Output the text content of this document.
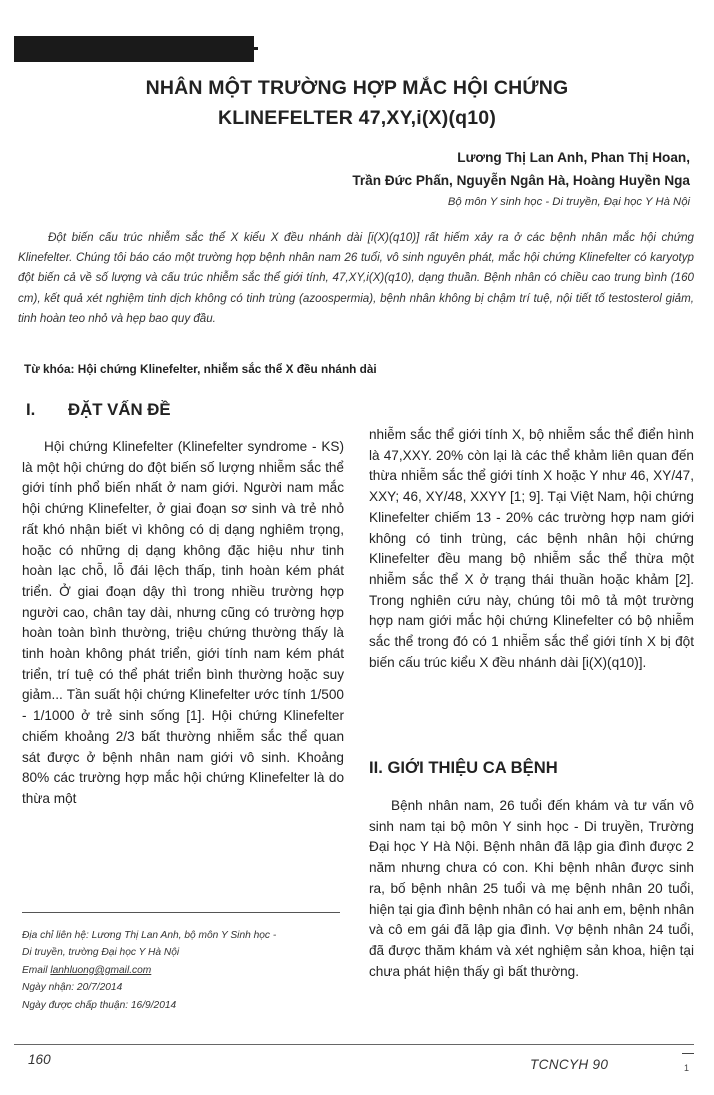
NHÂN MỘT TRƯỜNG HỢP MẮC HỘI CHỨNG
KLINEFELTER 47,XY,i(X)(q10)
Lương Thị Lan Anh, Phan Thị Hoan,
Trần Đức Phấn, Nguyễn Ngân Hà, Hoàng Huyền Nga
Bộ môn Y sinh học - Di truyền, Đại học Y Hà Nội

Đột biến cấu trúc nhiễm sắc thể X kiểu X đều nhánh dài [i(X)(q10)] rất hiếm xảy ra ở các bệnh nhân mắc hội chứng Klinefelter. Chúng tôi báo cáo một trường hợp bệnh nhân nam 26 tuổi, vô sinh nguyên phát, mắc hội chứng Klinefelter có karyotyp đột biến cả về số lượng và cấu trúc nhiễm sắc thể giới tính, 47,XY,i(X)(q10), dạng thuần. Bệnh nhân có chiều cao trung bình (160 cm), kết quả xét nghiệm tinh dịch không có tinh trùng (azoospermia), bệnh nhân không bị chậm trí tuệ, nội tiết tố testosterol giảm, tinh hoàn teo nhỏ và hẹp bao quy đầu.

Từ khóa: Hội chứng Klinefelter, nhiễm sắc thể X đều nhánh dài
I. ĐẶT VẤN ĐỀ

Hội chứng Klinefelter (Klinefelter syndrome - KS) là một hội chứng do đột biến số lượng nhiễm sắc thể giới tính phổ biến nhất ở nam giới. Người nam mắc hội chứng Klinefelter, ở giai đoạn sơ sinh và trẻ nhỏ rất khó nhận biết vì không có dị dạng nghiêm trọng, hoặc có những dị dạng không đặc hiệu như tinh hoàn lạc chỗ, lỗ đái lệch thấp, tinh hoàn kém phát triển. Ở giai đoạn dậy thì trong nhiều trường hợp người cao, chân tay dài, nhưng cũng có trường hợp hoàn toàn bình thường, triệu chứng thường thấy là tinh hoàn không phát triển, giới tính nam kém phát triển, trí tuệ có thể phát triển bình thường hoặc suy giảm... Tần suất hội chứng Klinefelter ước tính 1/500 - 1/1000 ở trẻ sinh sống [1]. Hội chứng Klinefelter chiếm khoảng 2/3 bất thường nhiễm sắc thể quan sát được ở bệnh nhân nam giới vô sinh. Khoảng 80% các trường hợp mắc hội chứng Klinefelter là do thừa một

nhiễm sắc thể giới tính X, bộ nhiễm sắc thể điển hình là 47,XXY. 20% còn lại là các thể khảm liên quan đến thừa nhiễm sắc thể giới tính X hoặc Y như 46, XY/47, XXY; 46, XY/48, XXYY [1; 9]. Tại Việt Nam, hội chứng Klinefelter chiếm 13 - 20% các trường hợp nam giới không có tinh trùng, các bệnh nhân hội chứng Klinefelter đều mang bộ nhiễm sắc thể thừa một nhiễm sắc thể X ở trạng thái thuần hoặc khảm [2]. Trong nghiên cứu này, chúng tôi mô tả một trường hợp nam giới mắc hội chứng Klinefelter có bộ nhiễm sắc thể trong đó có 1 nhiễm sắc thể giới tính X bị đột biến cấu trúc kiểu X đều nhánh dài [i(X)(q10)].

II. GIỚI THIỆU CA BỆNH

Bệnh nhân nam, 26 tuổi đến khám và tư vấn vô sinh nam tại bộ môn Y sinh học - Di truyền, Trường Đại học Y Hà Nội. Bệnh nhân đã lập gia đình được 2 năm nhưng chưa có con. Khi bệnh nhân được sinh ra, bố bệnh nhân 25 tuổi và mẹ bệnh nhân 20 tuổi, hiện tại gia đình bệnh nhân có hai anh em, bệnh nhân và cô em gái đã lập gia đình. Vợ bệnh nhân 24 tuổi, đã được thăm khám và xét nghiệm sản khoa, hiện tại chưa phát hiện thấy gì bất thường.

Địa chỉ liên hệ: Lương Thị Lan Anh, bộ môn Y Sinh học -
Di truyền, trường Đại học Y Hà Nội
Email lanhluong@gmail.com
Ngày nhận: 20/7/2014
Ngày được chấp thuận: 16/9/2014
160	TCNCYH 90	1
